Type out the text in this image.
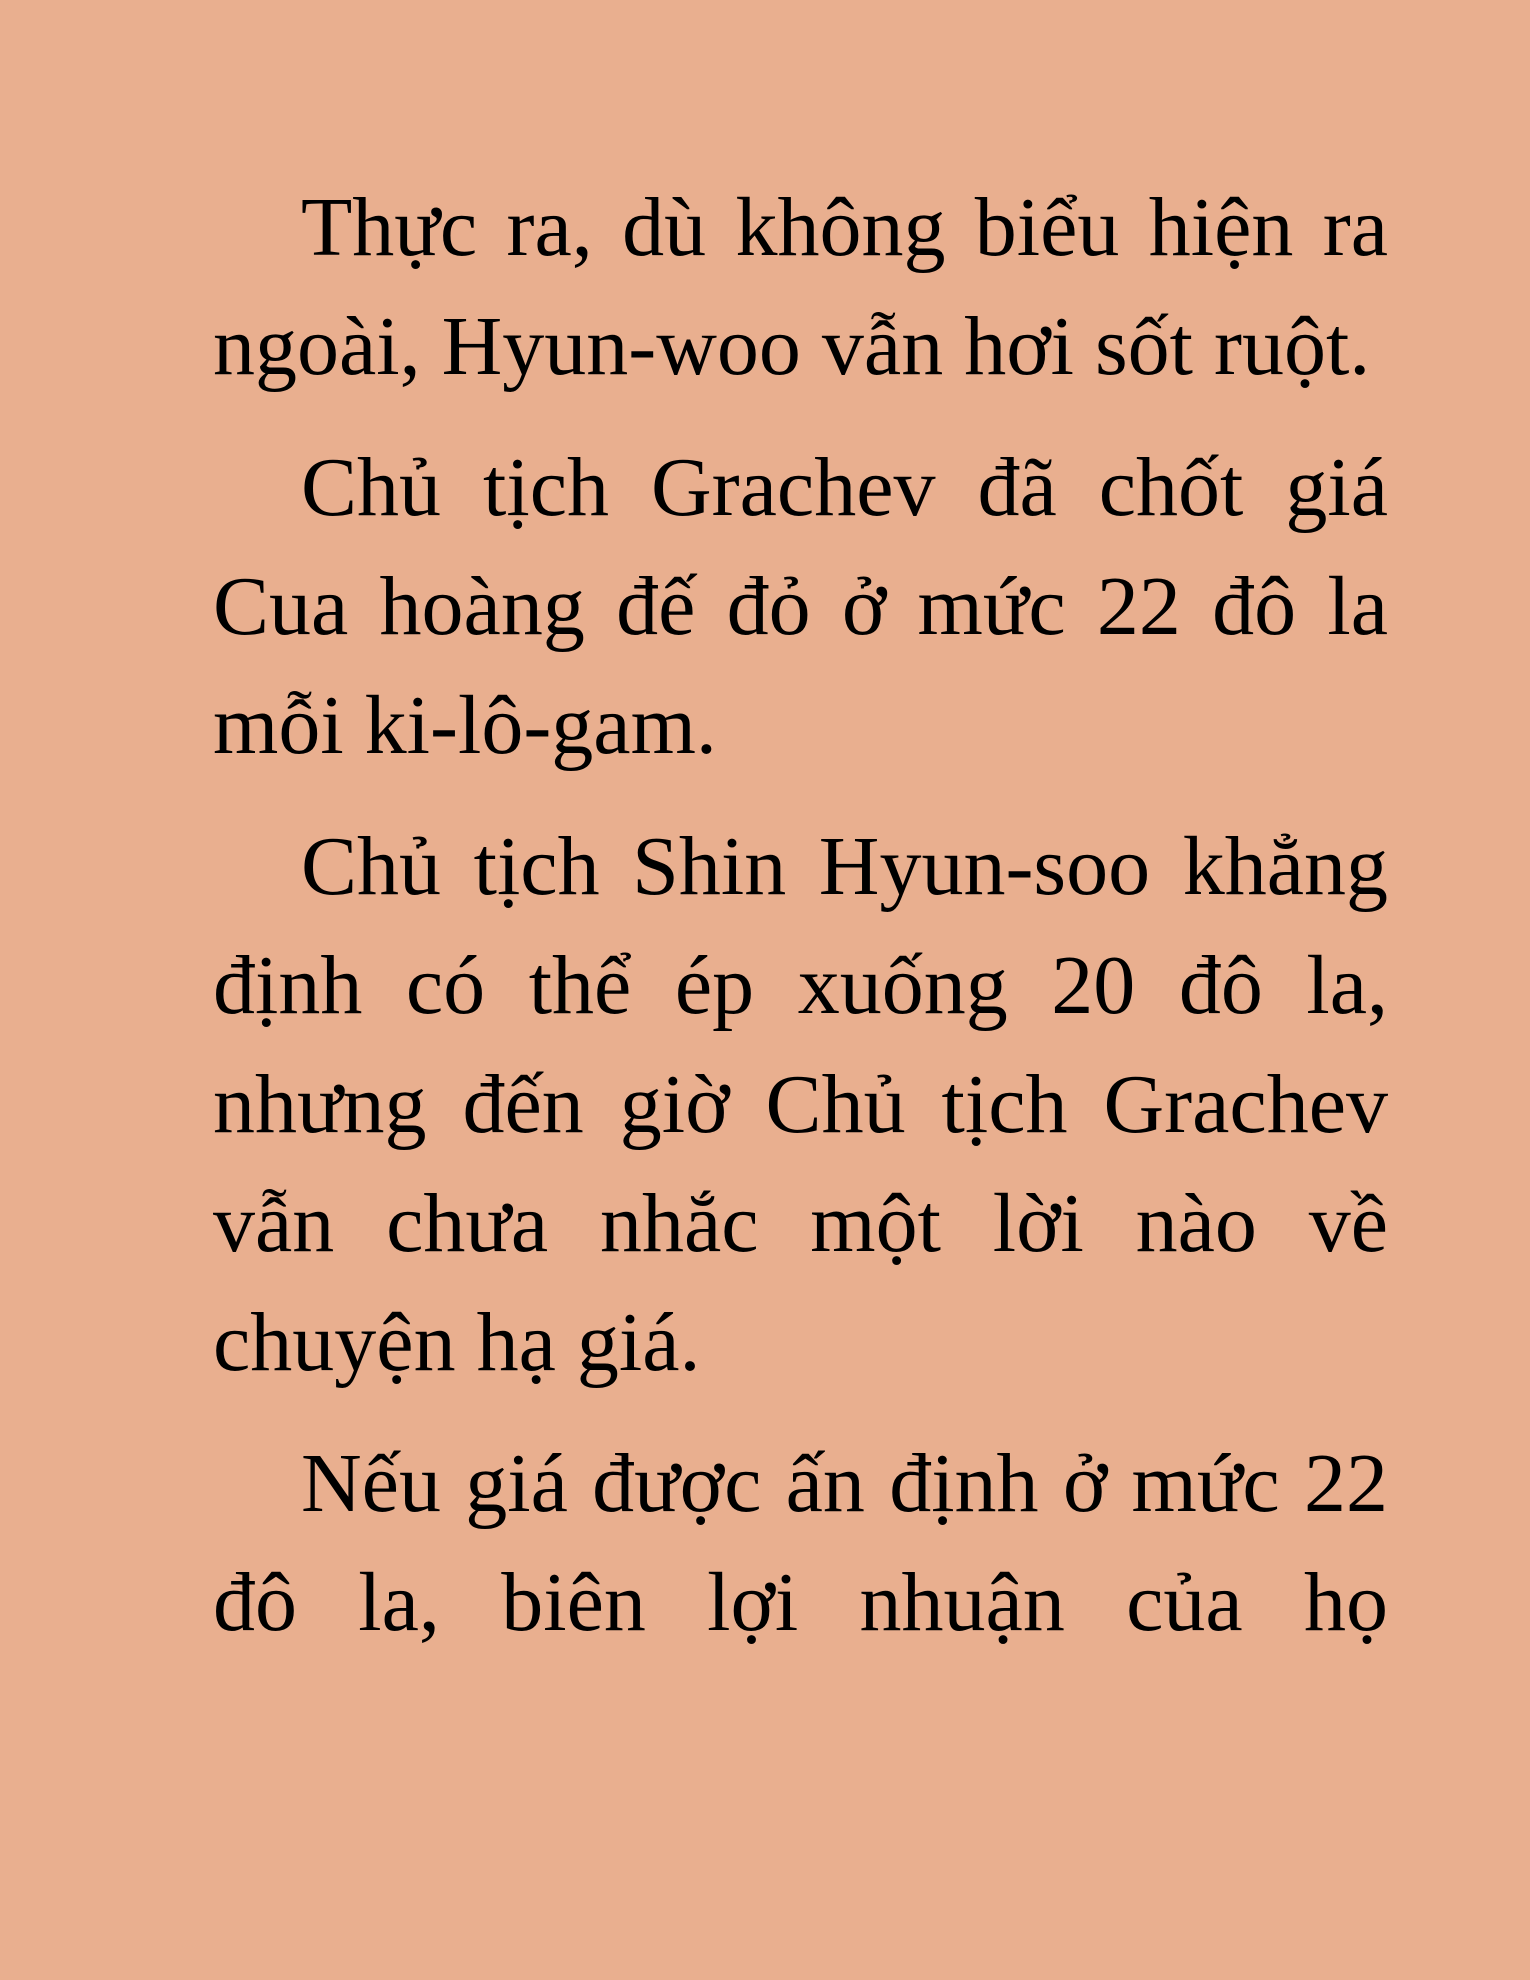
Thực ra, dù không biểu hiện ra ngoài, Hyun-woo vẫn hơi sốt ruột.

Chủ tịch Grachev đã chốt giá Cua hoàng đế đỏ ở mức 22 đô la mỗi ki-lô-gam.

Chủ tịch Shin Hyun-soo khẳng định có thể ép xuống 20 đô la, nhưng đến giờ Chủ tịch Grachev vẫn chưa nhắc một lời nào về chuyện hạ giá.

Nếu giá được ấn định ở mức 22 đô la, biên lợi nhuận của họ
